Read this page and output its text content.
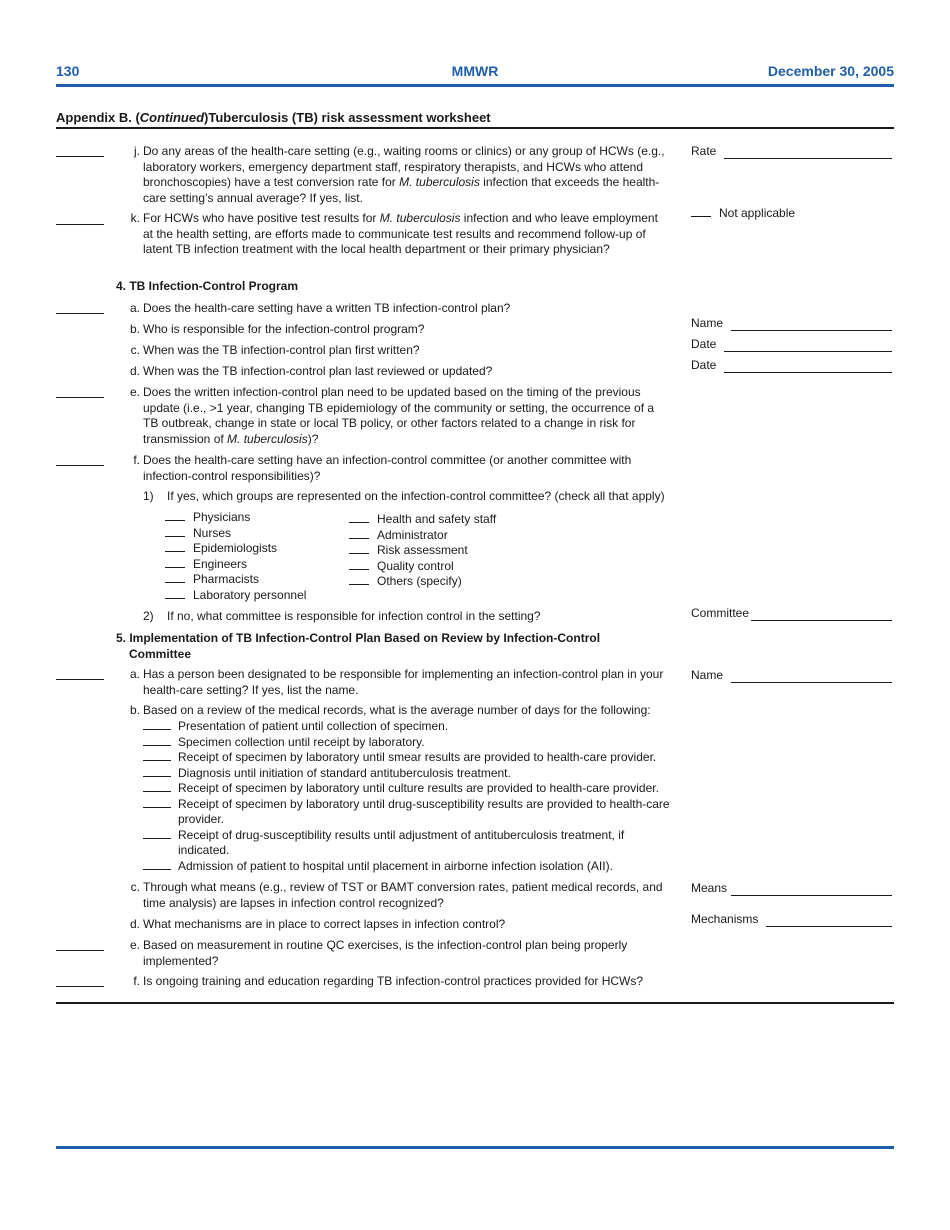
130	MMWR	December 30, 2005
Appendix B. (Continued)Tuberculosis (TB) risk assessment worksheet
j. Do any areas of the health-care setting (e.g., waiting rooms or clinics) or any group of HCWs (e.g., laboratory workers, emergency department staff, respiratory therapists, and HCWs who attend bronchoscopies) have a test conversion rate for M. tuberculosis infection that exceeds the health-care setting’s annual average? If yes, list.
Rate
k. For HCWs who have positive test results for M. tuberculosis infection and who leave employment at the health setting, are efforts made to communicate test results and recommend follow-up of latent TB infection treatment with the local health department or their primary physician?
Not applicable
4. TB Infection-Control Program
a. Does the health-care setting have a written TB infection-control plan?
b. Who is responsible for the infection-control program?	Name
c. When was the TB infection-control plan first written?	Date
d. When was the TB infection-control plan last reviewed or updated?	Date
e. Does the written infection-control plan need to be updated based on the timing of the previous update (i.e., >1 year, changing TB epidemiology of the community or setting, the occurrence of a TB outbreak, change in state or local TB policy, or other factors related to a change in risk for transmission of M. tuberculosis)?
f. Does the health-care setting have an infection-control committee (or another committee with infection-control responsibilities)?
1) If yes, which groups are represented on the infection-control committee? (check all that apply)
Physicians
Nurses
Epidemiologists
Engineers
Pharmacists
Laboratory personnel
Health and safety staff
Administrator
Risk assessment
Quality control
Others (specify)
2) If no, what committee is responsible for infection control in the setting?	Committee
5. Implementation of TB Infection-Control Plan Based on Review by Infection-Control
Committee
a. Has a person been designated to be responsible for implementing an infection-control plan in your health-care setting? If yes, list the name.
Name
b. Based on a review of the medical records, what is the average number of days for the following:
Presentation of patient until collection of specimen.
Specimen collection until receipt by laboratory.
Receipt of specimen by laboratory until smear results are provided to health-care provider.
Diagnosis until initiation of standard antituberculosis treatment.
Receipt of specimen by laboratory until culture results are provided to health-care provider.
Receipt of specimen by laboratory until drug-susceptibility results are provided to health-care provider.
Receipt of drug-susceptibility results until adjustment of antituberculosis treatment, if indicated.
Admission of patient to hospital until placement in airborne infection isolation (AII).
c. Through what means (e.g., review of TST or BAMT conversion rates, patient medical records, and time analysis) are lapses in infection control recognized?
Means
d. What mechanisms are in place to correct lapses in infection control?	Mechanisms
e. Based on measurement in routine QC exercises, is the infection-control plan being properly implemented?
f. Is ongoing training and education regarding TB infection-control practices provided for HCWs?
